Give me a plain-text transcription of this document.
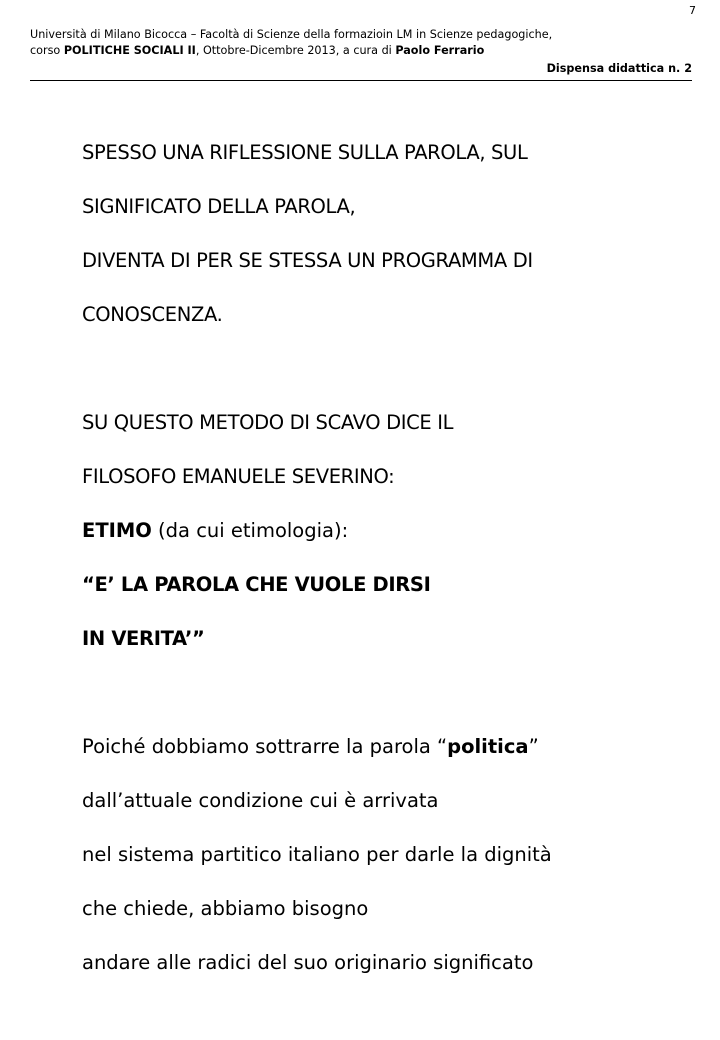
7
Università di Milano Bicocca – Facoltà di Scienze della formazioin LM in Scienze pedagogiche,
corso POLITICHE SOCIALI II, Ottobre-Dicembre 2013, a cura di Paolo Ferrario
Dispensa didattica n. 2
SPESSO UNA RIFLESSIONE SULLA PAROLA, SUL
SIGNIFICATO DELLA PAROLA,
DIVENTA DI PER SE STESSA UN PROGRAMMA DI
CONOSCENZA.
SU QUESTO METODO DI SCAVO DICE IL
FILOSOFO EMANUELE SEVERINO:
ETIMO (da cui etimologia):
“E’ LA PAROLA CHE VUOLE DIRSI
IN VERITA’”
Poiché dobbiamo sottrarre la parola “politica”
dall’attuale condizione cui è arrivata
nel sistema partitico italiano per darle la dignità
che chiede, abbiamo bisogno
andare alle radici del suo originario significato
